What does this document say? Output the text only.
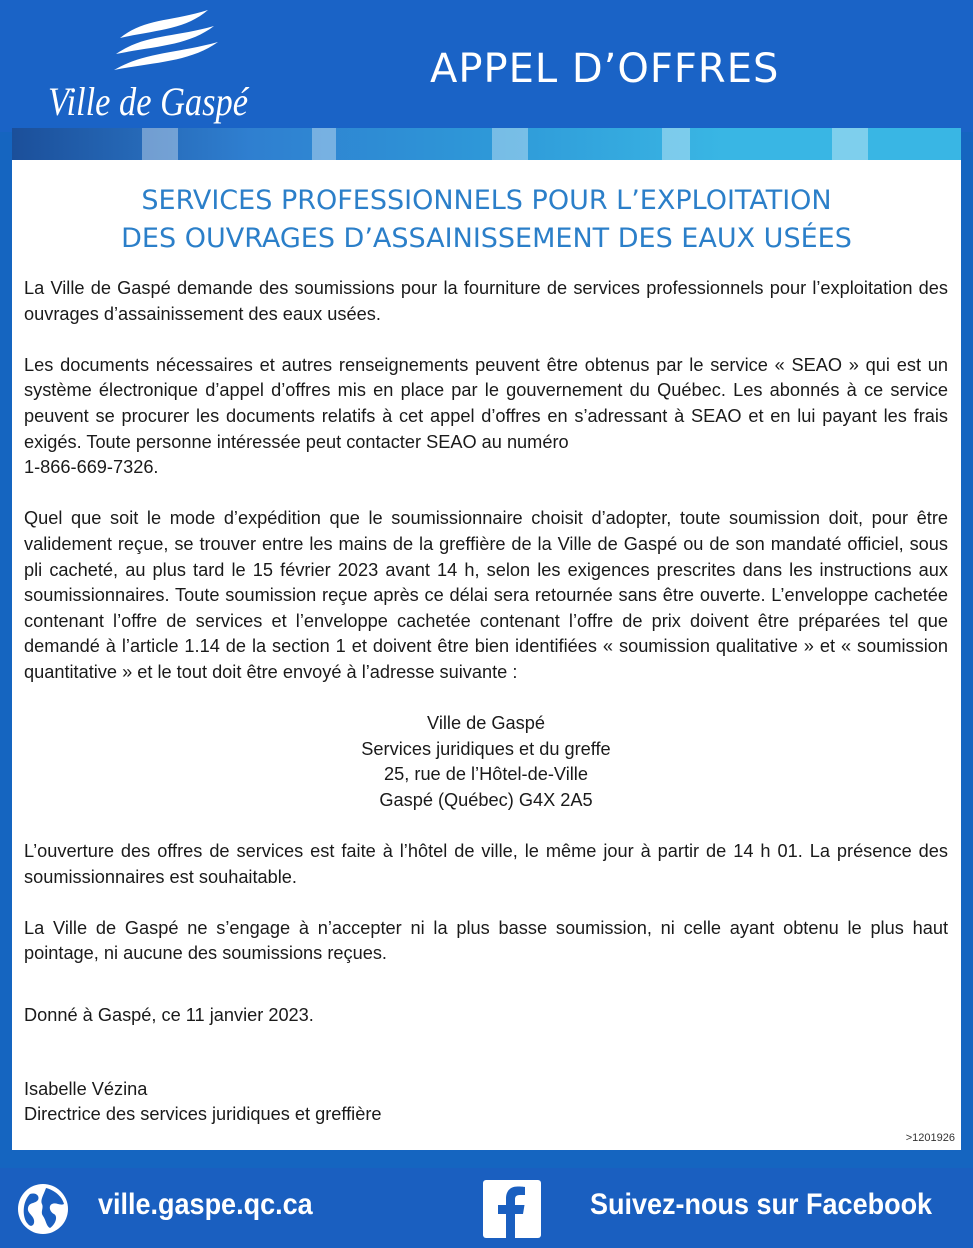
Ville de Gaspé
APPEL D’OFFRES
SERVICES PROFESSIONNELS POUR L’EXPLOITATION
DES OUVRAGES D’ASSAINISSEMENT DES EAUX USÉES

La Ville de Gaspé demande des soumissions pour la fourniture de services professionnels pour l’exploitation des ouvrages d’assainissement des eaux usées.

Les documents nécessaires et autres renseignements peuvent être obtenus par le service « SEAO » qui est un système électronique d’appel d’offres mis en place par le gouvernement du Québec. Les abonnés à ce service peuvent se procurer les documents relatifs à cet appel d’offres en s’adressant à SEAO et en lui payant les frais exigés. Toute personne intéressée peut contacter SEAO au numéro
1-866-669-7326.

Quel que soit le mode d’expédition que le soumissionnaire choisit d’adopter, toute soumission doit, pour être validement reçue, se trouver entre les mains de la greffière de la Ville de Gaspé ou de son mandaté officiel, sous pli cacheté, au plus tard le 15 février 2023 avant 14 h, selon les exigences prescrites dans les instructions aux soumissionnaires. Toute soumission reçue après ce délai sera retournée sans être ouverte. L’enveloppe cachetée contenant l’offre de services et l’enveloppe cachetée contenant l’offre de prix doivent être préparées tel que demandé à l’article 1.14 de la section 1 et doivent être bien identifiées « soumission qualitative » et « soumission quantitative » et le tout doit être envoyé à l’adresse suivante :

Ville de Gaspé
Services juridiques et du greffe
25, rue de l’Hôtel-de-Ville
Gaspé (Québec) G4X 2A5

L’ouverture des offres de services est faite à l’hôtel de ville, le même jour à partir de 14 h 01. La présence des soumissionnaires est souhaitable.

La Ville de Gaspé ne s’engage à n’accepter ni la plus basse soumission, ni celle ayant obtenu le plus haut pointage, ni aucune des soumissions reçues.

Donné à Gaspé, ce 11 janvier 2023.

Isabelle Vézina
Directrice des services juridiques et greffière
>1201926
ville.gaspe.qc.ca	Suivez-nous sur Facebook
